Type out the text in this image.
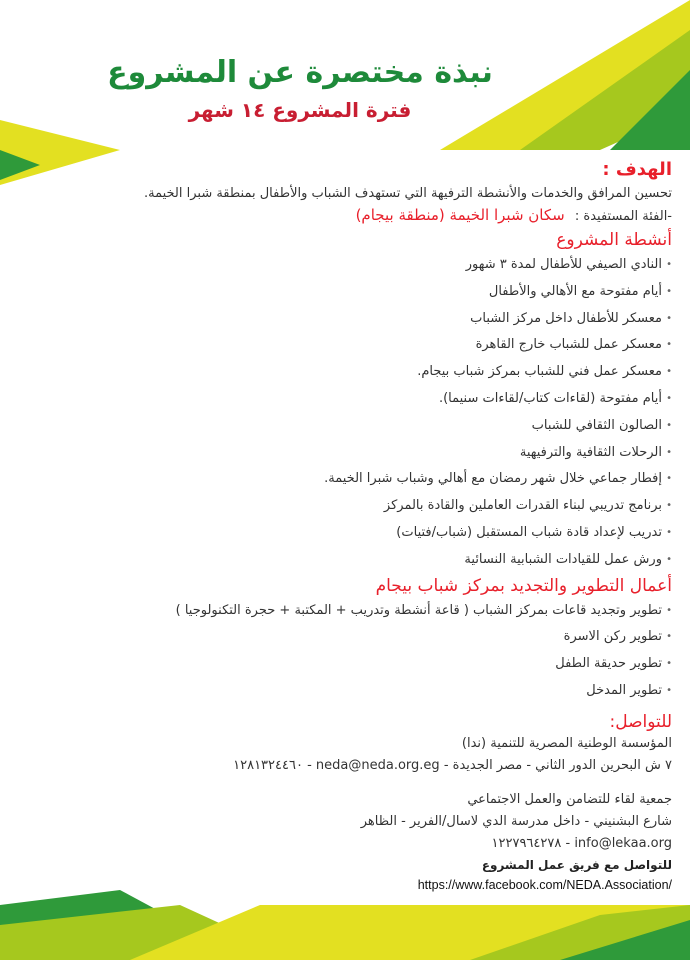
نبذة مختصرة عن المشروع
فترة المشروع ١٤ شهر
الهدف :
تحسين المرافق والخدمات والأنشطة الترفيهة التي تستهدف الشباب والأطفال بمنطقة شبرا الخيمة.
-الفئة المستفيدة : سكان شبرا الخيمة (منطقة بيجام)
أنشطة المشروع
• النادي الصيفي للأطفال لمدة ٣ شهور
• أيام مفتوحة مع الأهالي والأطفال
• معسكر للأطفال داخل مركز الشباب
• معسكر عمل للشباب خارج القاهرة
• معسكر عمل فني للشباب بمركز شباب بيجام.
• أيام مفتوحة (لقاءات كتاب/لقاءات سنيما).
• الصالون الثقافي للشباب
• الرحلات الثقافية والترفيهية
• إفطار جماعي خلال شهر رمضان مع أهالي وشباب شبرا الخيمة.
• برنامج تدريبي لبناء القدرات العاملين والقادة بالمركز
• تدريب لإعداد قادة شباب المستقبل (شباب/فتيات)
• ورش عمل للقيادات الشبابية النسائية
أعمال التطوير والتجديد بمركز شباب بيجام
• تطوير وتجديد قاعات بمركز الشباب ( قاعة أنشطة وتدريب + المكتبة + حجرة التكنولوجيا )
• تطوير ركن الاسرة
• تطوير حديقة الطفل
• تطوير المدخل
للتواصل:
المؤسسة الوطنية المصرية للتنمية (ندا)
٧ ش البحرين الدور الثاني - مصر الجديدة - neda@neda.org.eg - ١٢٨١٣٢٤٤٦٠
جمعية لقاء للتضامن والعمل الاجتماعي
شارع البشنيني - داخل مدرسة الدي لاسال/الفرير - الظاهر
info@lekaa.org - ١٢٢٧٩٦٤٢٧٨
للتواصل مع فريق عمل المشروع
https://www.facebook.com/NEDA.Association/
